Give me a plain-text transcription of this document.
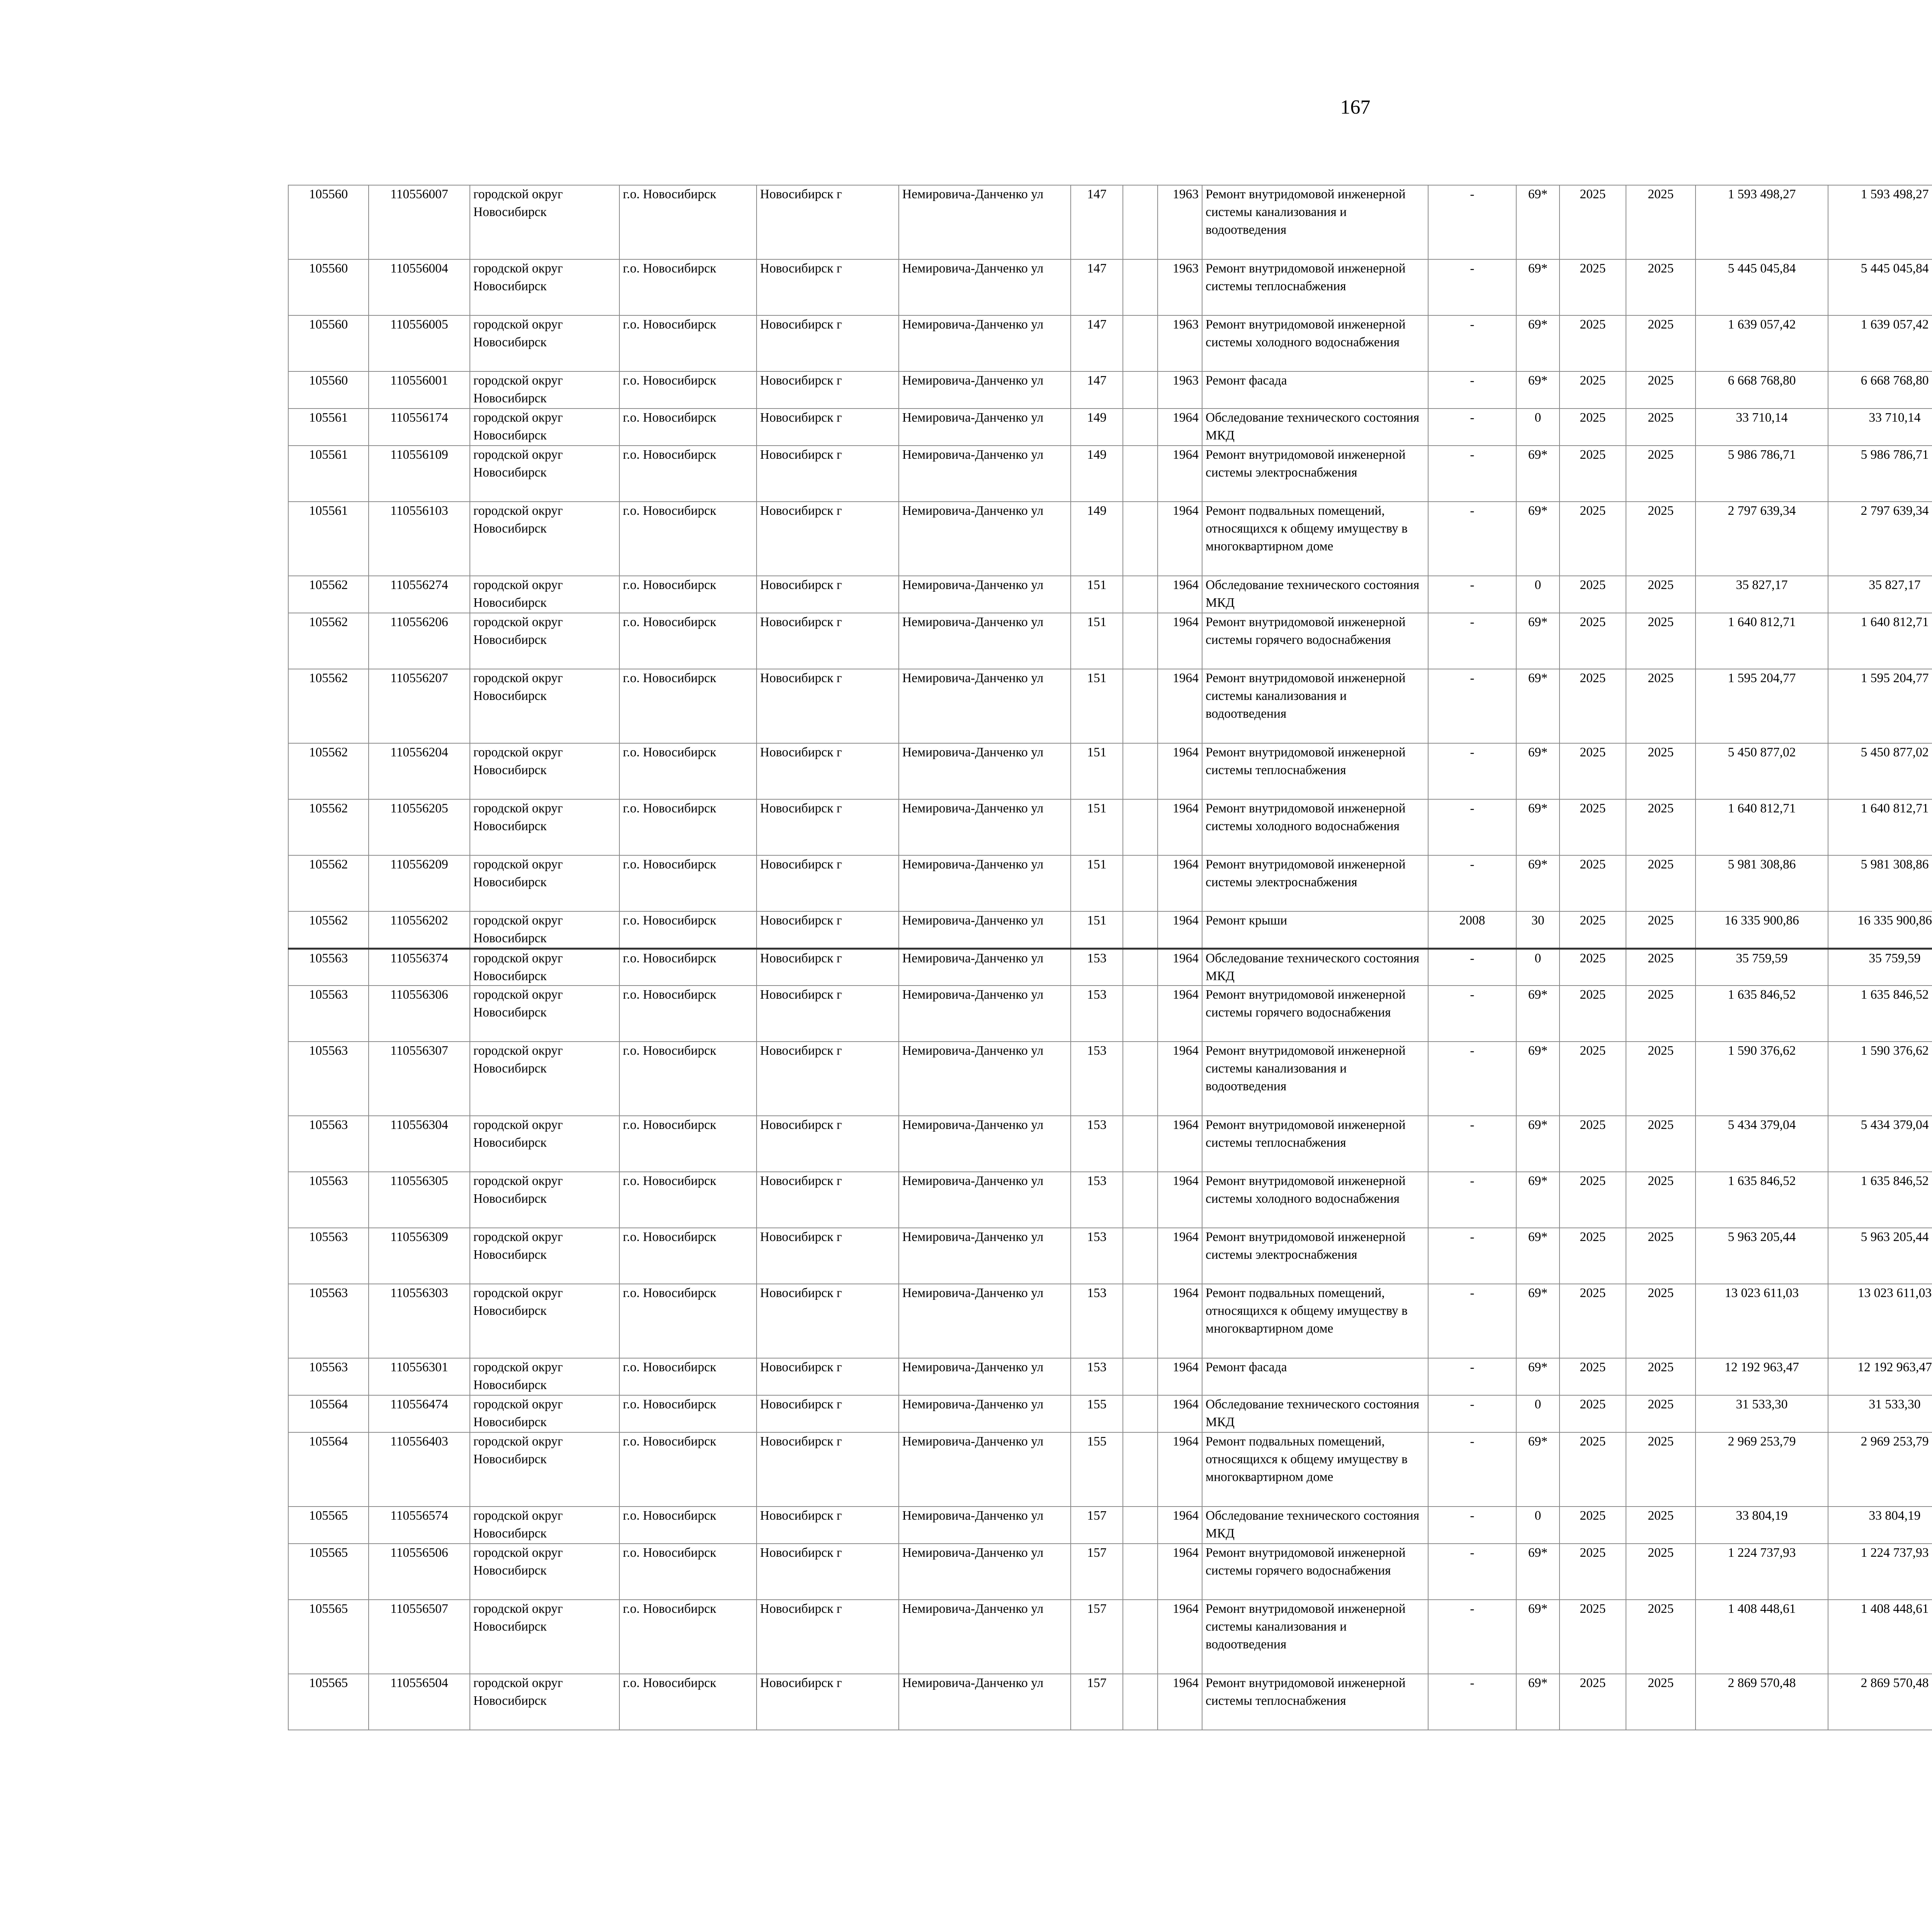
167
105560	110556007	городской округ Новосибирск	г.о. Новосибирск	Новосибирск г	Немировича-Данченко ул	147		1963	Ремонт внутридомовой инженерной системы канализования и водоотведения	-	69*	2025	2025	1 593 498,27	1 593 498,27						
105560	110556004	городской округ Новосибирск	г.о. Новосибирск	Новосибирск г	Немировича-Данченко ул	147		1963	Ремонт внутридомовой инженерной системы теплоснабжения	-	69*	2025	2025	5 445 045,84	5 445 045,84						
105560	110556005	городской округ Новосибирск	г.о. Новосибирск	Новосибирск г	Немировича-Данченко ул	147		1963	Ремонт внутридомовой инженерной системы холодного водоснабжения	-	69*	2025	2025	1 639 057,42	1 639 057,42						
105560	110556001	городской округ Новосибирск	г.о. Новосибирск	Новосибирск г	Немировича-Данченко ул	147		1963	Ремонт фасада	-	69*	2025	2025	6 668 768,80	6 668 768,80						
105561	110556174	городской округ Новосибирск	г.о. Новосибирск	Новосибирск г	Немировича-Данченко ул	149		1964	Обследование технического состояния МКД	-	0	2025	2025	33 710,14	33 710,14						
105561	110556109	городской округ Новосибирск	г.о. Новосибирск	Новосибирск г	Немировича-Данченко ул	149		1964	Ремонт внутридомовой инженерной системы электроснабжения	-	69*	2025	2025	5 986 786,71	5 986 786,71						
105561	110556103	городской округ Новосибирск	г.о. Новосибирск	Новосибирск г	Немировича-Данченко ул	149		1964	Ремонт подвальных помещений, относящихся к общему имуществу в многоквартирном доме	-	69*	2025	2025	2 797 639,34	2 797 639,34						
105562	110556274	городской округ Новосибирск	г.о. Новосибирск	Новосибирск г	Немировича-Данченко ул	151		1964	Обследование технического состояния МКД	-	0	2025	2025	35 827,17	35 827,17						
105562	110556206	городской округ Новосибирск	г.о. Новосибирск	Новосибирск г	Немировича-Данченко ул	151		1964	Ремонт внутридомовой инженерной системы горячего водоснабжения	-	69*	2025	2025	1 640 812,71	1 640 812,71						
105562	110556207	городской округ Новосибирск	г.о. Новосибирск	Новосибирск г	Немировича-Данченко ул	151		1964	Ремонт внутридомовой инженерной системы канализования и водоотведения	-	69*	2025	2025	1 595 204,77	1 595 204,77						
105562	110556204	городской округ Новосибирск	г.о. Новосибирск	Новосибирск г	Немировича-Данченко ул	151		1964	Ремонт внутридомовой инженерной системы теплоснабжения	-	69*	2025	2025	5 450 877,02	5 450 877,02						
105562	110556205	городской округ Новосибирск	г.о. Новосибирск	Новосибирск г	Немировича-Данченко ул	151		1964	Ремонт внутридомовой инженерной системы холодного водоснабжения	-	69*	2025	2025	1 640 812,71	1 640 812,71						
105562	110556209	городской округ Новосибирск	г.о. Новосибирск	Новосибирск г	Немировича-Данченко ул	151		1964	Ремонт внутридомовой инженерной системы электроснабжения	-	69*	2025	2025	5 981 308,86	5 981 308,86						
105562	110556202	городской округ Новосибирск	г.о. Новосибирск	Новосибирск г	Немировича-Данченко ул	151		1964	Ремонт крыши	2008	30	2025	2025	16 335 900,86	16 335 900,86						
105563	110556374	городской округ Новосибирск	г.о. Новосибирск	Новосибирск г	Немировича-Данченко ул	153		1964	Обследование технического состояния МКД	-	0	2025	2025	35 759,59	35 759,59						
105563	110556306	городской округ Новосибирск	г.о. Новосибирск	Новосибирск г	Немировича-Данченко ул	153		1964	Ремонт внутридомовой инженерной системы горячего водоснабжения	-	69*	2025	2025	1 635 846,52	1 635 846,52						
105563	110556307	городской округ Новосибирск	г.о. Новосибирск	Новосибирск г	Немировича-Данченко ул	153		1964	Ремонт внутридомовой инженерной системы канализования и водоотведения	-	69*	2025	2025	1 590 376,62	1 590 376,62						
105563	110556304	городской округ Новосибирск	г.о. Новосибирск	Новосибирск г	Немировича-Данченко ул	153		1964	Ремонт внутридомовой инженерной системы теплоснабжения	-	69*	2025	2025	5 434 379,04	5 434 379,04						
105563	110556305	городской округ Новосибирск	г.о. Новосибирск	Новосибирск г	Немировича-Данченко ул	153		1964	Ремонт внутридомовой инженерной системы холодного водоснабжения	-	69*	2025	2025	1 635 846,52	1 635 846,52						
105563	110556309	городской округ Новосибирск	г.о. Новосибирск	Новосибирск г	Немировича-Данченко ул	153		1964	Ремонт внутридомовой инженерной системы электроснабжения	-	69*	2025	2025	5 963 205,44	5 963 205,44						
105563	110556303	городской округ Новосибирск	г.о. Новосибирск	Новосибирск г	Немировича-Данченко ул	153		1964	Ремонт подвальных помещений, относящихся к общему имуществу в многоквартирном доме	-	69*	2025	2025	13 023 611,03	13 023 611,03						
105563	110556301	городской округ Новосибирск	г.о. Новосибирск	Новосибирск г	Немировича-Данченко ул	153		1964	Ремонт фасада	-	69*	2025	2025	12 192 963,47	12 192 963,47						
105564	110556474	городской округ Новосибирск	г.о. Новосибирск	Новосибирск г	Немировича-Данченко ул	155		1964	Обследование технического состояния МКД	-	0	2025	2025	31 533,30	31 533,30						
105564	110556403	городской округ Новосибирск	г.о. Новосибирск	Новосибирск г	Немировича-Данченко ул	155		1964	Ремонт подвальных помещений, относящихся к общему имуществу в многоквартирном доме	-	69*	2025	2025	2 969 253,79	2 969 253,79						
105565	110556574	городской округ Новосибирск	г.о. Новосибирск	Новосибирск г	Немировича-Данченко ул	157		1964	Обследование технического состояния МКД	-	0	2025	2025	33 804,19	33 804,19						
105565	110556506	городской округ Новосибирск	г.о. Новосибирск	Новосибирск г	Немировича-Данченко ул	157		1964	Ремонт внутридомовой инженерной системы горячего водоснабжения	-	69*	2025	2025	1 224 737,93	1 224 737,93						
105565	110556507	городской округ Новосибирск	г.о. Новосибирск	Новосибирск г	Немировича-Данченко ул	157		1964	Ремонт внутридомовой инженерной системы канализования и водоотведения	-	69*	2025	2025	1 408 448,61	1 408 448,61						
105565	110556504	городской округ Новосибирск	г.о. Новосибирск	Новосибирск г	Немировича-Данченко ул	157		1964	Ремонт внутридомовой инженерной системы теплоснабжения	-	69*	2025	2025	2 869 570,48	2 869 570,48						
